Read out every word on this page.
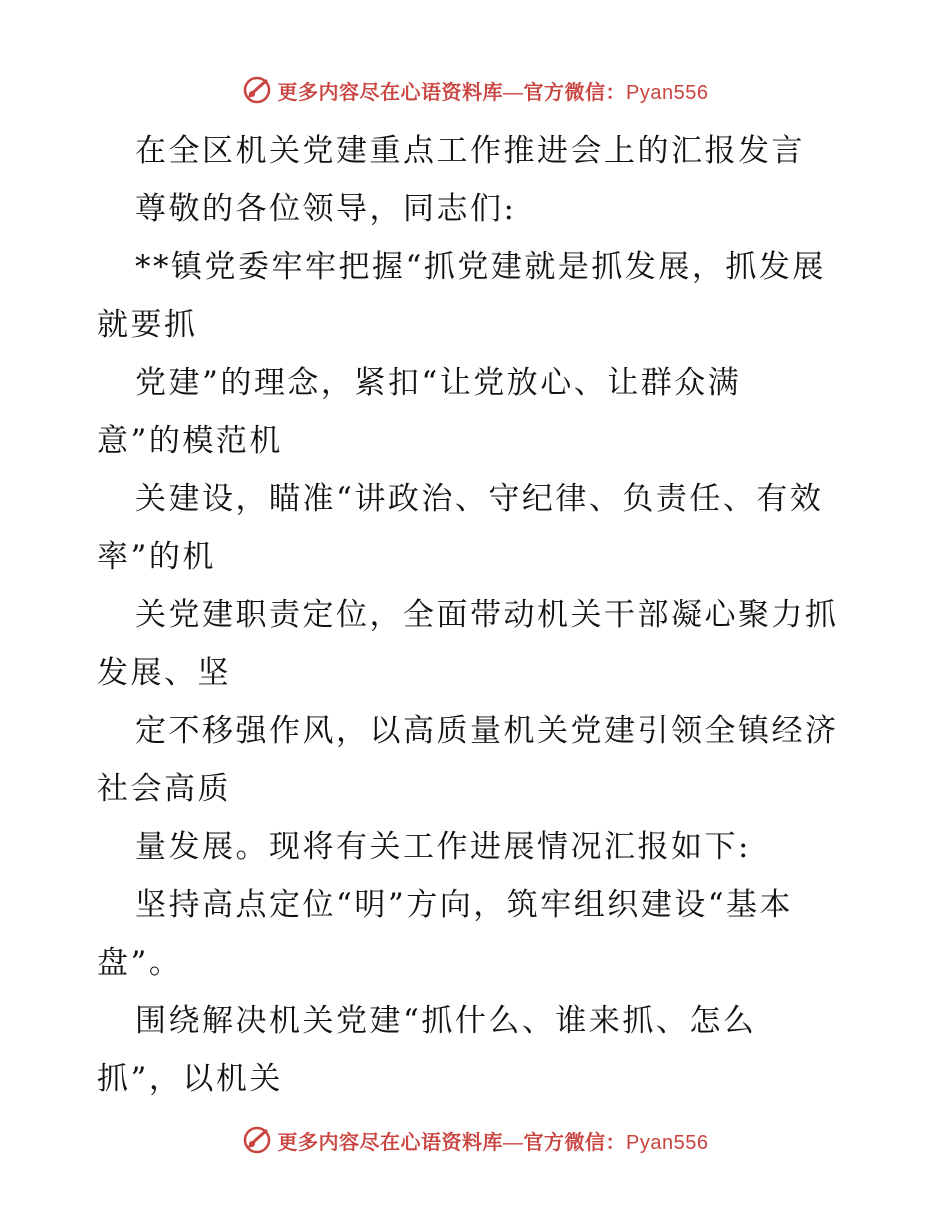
更多内容尽在心语资料库—官方微信：Pyan556
在全区机关党建重点工作推进会上的汇报发言
尊敬的各位领导，同志们:
**镇党委牢牢把握“抓党建就是抓发展，抓发展
就要抓
党建”的理念，紧扣“让党放心、让群众满
意”的模范机
关建设，瞄准“讲政治、守纪律、负责任、有效
率”的机
关党建职责定位，全面带动机关干部凝心聚力抓
发展、坚
定不移强作风，以高质量机关党建引领全镇经济
社会高质
量发展。现将有关工作进展情况汇报如下:
坚持高点定位“明”方向，筑牢组织建设“基本
盘”。
围绕解决机关党建“抓什么、谁来抓、怎么
抓”，以机关
更多内容尽在心语资料库—官方微信：Pyan556
